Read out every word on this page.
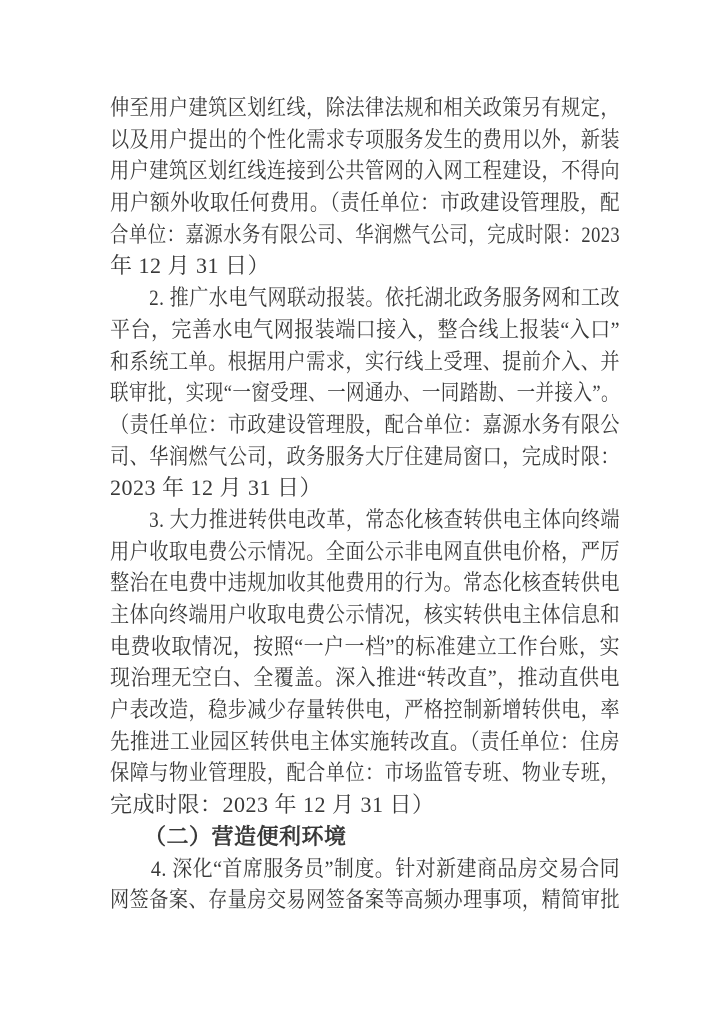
伸至用户建筑区划红线，除法律法规和相关政策另有规定，
以及用户提出的个性化需求专项服务发生的费用以外，新装
用户建筑区划红线连接到公共管网的入网工程建设，不得向
用户额外收取任何费用。（责任单位：市政建设管理股，配
合单位：嘉源水务有限公司、华润燃气公司，完成时限：2023
年 12 月 31 日）
　　2. 推广水电气网联动报装。依托湖北政务服务网和工改
平台，完善水电气网报装端口接入，整合线上报装“入口”
和系统工单。根据用户需求，实行线上受理、提前介入、并
联审批，实现“一窗受理、一网通办、一同踏勘、一并接入”。
（责任单位：市政建设管理股，配合单位：嘉源水务有限公
司、华润燃气公司，政务服务大厅住建局窗口，完成时限：
2023 年 12 月 31 日）
　　3. 大力推进转供电改革，常态化核查转供电主体向终端
用户收取电费公示情况。全面公示非电网直供电价格，严厉
整治在电费中违规加收其他费用的行为。常态化核查转供电
主体向终端用户收取电费公示情况，核实转供电主体信息和
电费收取情况，按照“一户一档”的标准建立工作台账，实
现治理无空白、全覆盖。深入推进“转改直”，推动直供电
户表改造，稳步减少存量转供电，严格控制新增转供电，率
先推进工业园区转供电主体实施转改直。（责任单位：住房
保障与物业管理股，配合单位：市场监管专班、物业专班，
完成时限：2023 年 12 月 31 日）
　　（二）营造便利环境
　　4. 深化“首席服务员”制度。针对新建商品房交易合同
网签备案、存量房交易网签备案等高频办理事项，精简审批
